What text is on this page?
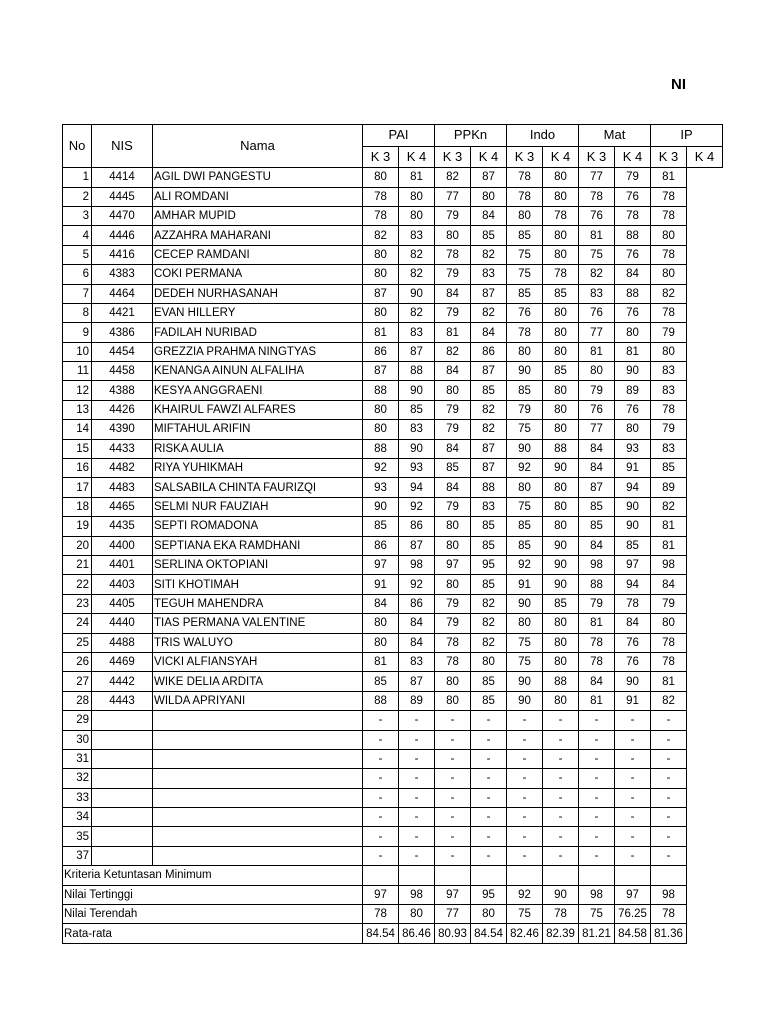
NI
No	NIS	Nama	PAI		PPKn		Indo		Mat		IP	
			K 3	K 4	K 3	K 4	K 3	K 4	K 3	K 4	K 3	K 4
1	4414	AGIL DWI PANGESTU	80	81	82	87	78	80	77	79	81	
2	4445	ALI ROMDANI	78	80	77	80	78	80	78	76	78	
3	4470	AMHAR MUPID	78	80	79	84	80	78	76	78	78	
4	4446	AZZAHRA MAHARANI	82	83	80	85	85	80	81	88	80	
5	4416	CECEP RAMDANI	80	82	78	82	75	80	75	76	78	
6	4383	COKI PERMANA	80	82	79	83	75	78	82	84	80	
7	4464	DEDEH NURHASANAH	87	90	84	87	85	85	83	88	82	
8	4421	EVAN HILLERY	80	82	79	82	76	80	76	76	78	
9	4386	FADILAH NURIBAD	81	83	81	84	78	80	77	80	79	
10	4454	GREZZIA PRAHMA NINGTYAS	86	87	82	86	80	80	81	81	80	
11	4458	KENANGA AINUN ALFALIHA	87	88	84	87	90	85	80	90	83	
12	4388	KESYA ANGGRAENI	88	90	80	85	85	80	79	89	83	
13	4426	KHAIRUL FAWZI ALFARES	80	85	79	82	79	80	76	76	78	
14	4390	MIFTAHUL ARIFIN	80	83	79	82	75	80	77	80	79	
15	4433	RISKA AULIA	88	90	84	87	90	88	84	93	83	
16	4482	RIYA YUHIKMAH	92	93	85	87	92	90	84	91	85	
17	4483	SALSABILA CHINTA FAURIZQI	93	94	84	88	80	80	87	94	89	
18	4465	SELMI NUR FAUZIAH	90	92	79	83	75	80	85	90	82	
19	4435	SEPTI ROMADONA	85	86	80	85	85	80	85	90	81	
20	4400	SEPTIANA EKA RAMDHANI	86	87	80	85	85	90	84	85	81	
21	4401	SERLINA OKTOPIANI	97	98	97	95	92	90	98	97	98	
22	4403	SITI KHOTIMAH	91	92	80	85	91	90	88	94	84	
23	4405	TEGUH MAHENDRA	84	86	79	82	90	85	79	78	79	
24	4440	TIAS PERMANA VALENTINE	80	84	79	82	80	80	81	84	80	
25	4488	TRIS WALUYO	80	84	78	82	75	80	78	76	78	
26	4469	VICKI ALFIANSYAH	81	83	78	80	75	80	78	76	78	
27	4442	WIKE DELIA ARDITA	85	87	80	85	90	88	84	90	81	
28	4443	WILDA APRIYANI	88	89	80	85	90	80	81	91	82	
29			-	-	-	-	-	-	-	-	-	
30			-	-	-	-	-	-	-	-	-	
31			-	-	-	-	-	-	-	-	-	
32			-	-	-	-	-	-	-	-	-	
33			-	-	-	-	-	-	-	-	-	
34			-	-	-	-	-	-	-	-	-	
35			-	-	-	-	-	-	-	-	-	
37			-	-	-	-	-	-	-	-	-	
Kriteria Ketuntasan Minimum												
Nilai Tertinggi			97	98	97	95	92	90	98	97	98	
Nilai Terendah			78	80	77	80	75	78	75	76.25	78	
Rata-rata			84.54	86.46	80.93	84.54	82.46	82.39	81.21	84.58	81.36	
